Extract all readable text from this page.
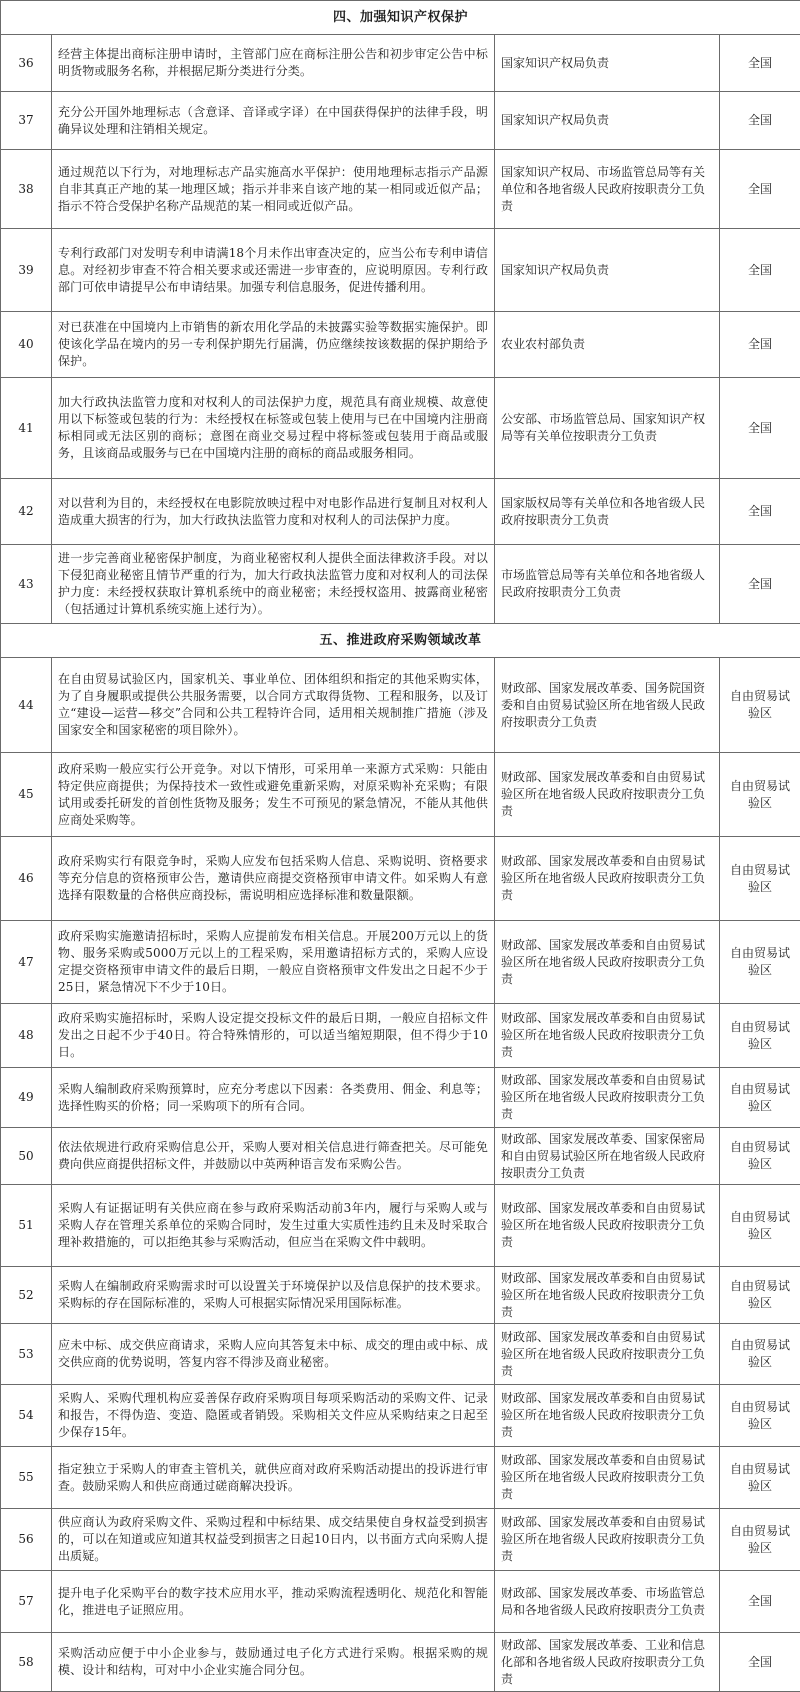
四、加强知识产权保护			
36	经营主体提出商标注册申请时，主管部门应在商标注册公告和初步审定公告中标明货物或服务名称，并根据尼斯分类进行分类。	国家知识产权局负责	全国
37	充分公开国外地理标志（含意译、音译或字译）在中国获得保护的法律手段，明确异议处理和注销相关规定。	国家知识产权局负责	全国
38	通过规范以下行为，对地理标志产品实施高水平保护：使用地理标志指示产品源自非其真正产地的某一地理区域；指示并非来自该产地的某一相同或近似产品；指示不符合受保护名称产品规范的某一相同或近似产品。	国家知识产权局、市场监管总局等有关单位和各地省级人民政府按职责分工负责	全国
39	专利行政部门对发明专利申请满18个月未作出审查决定的，应当公布专利申请信息。对经初步审查不符合相关要求或还需进一步审查的，应说明原因。专利行政部门可依申请提早公布申请结果。加强专利信息服务，促进传播利用。	国家知识产权局负责	全国
40	对已获准在中国境内上市销售的新农用化学品的未披露实验等数据实施保护。即使该化学品在境内的另一专利保护期先行届满，仍应继续按该数据的保护期给予保护。	农业农村部负责	全国
41	加大行政执法监管力度和对权利人的司法保护力度，规范具有商业规模、故意使用以下标签或包装的行为：未经授权在标签或包装上使用与已在中国境内注册商标相同或无法区别的商标；意图在商业交易过程中将标签或包装用于商品或服务，且该商品或服务与已在中国境内注册的商标的商品或服务相同。	公安部、市场监管总局、国家知识产权局等有关单位按职责分工负责	全国
42	对以营利为目的，未经授权在电影院放映过程中对电影作品进行复制且对权利人造成重大损害的行为，加大行政执法监管力度和对权利人的司法保护力度。	国家版权局等有关单位和各地省级人民政府按职责分工负责	全国
43	进一步完善商业秘密保护制度，为商业秘密权利人提供全面法律救济手段。对以下侵犯商业秘密且情节严重的行为，加大行政执法监管力度和对权利人的司法保护力度：未经授权获取计算机系统中的商业秘密；未经授权盗用、披露商业秘密（包括通过计算机系统实施上述行为）。	市场监管总局等有关单位和各地省级人民政府按职责分工负责	全国
五、推进政府采购领域改革			
44	在自由贸易试验区内，国家机关、事业单位、团体组织和指定的其他采购实体，为了自身履职或提供公共服务需要，以合同方式取得货物、工程和服务，以及订立“建设—运营—移交”合同和公共工程特许合同，适用相关规制推广措施（涉及国家安全和国家秘密的项目除外）。	财政部、国家发展改革委、国务院国资委和自由贸易试验区所在地省级人民政府按职责分工负责	自由贸易试验区
45	政府采购一般应实行公开竞争。对以下情形，可采用单一来源方式采购：只能由特定供应商提供；为保持技术一致性或避免重新采购，对原采购补充采购；有限试用或委托研发的首创性货物及服务；发生不可预见的紧急情况，不能从其他供应商处采购等。	财政部、国家发展改革委和自由贸易试验区所在地省级人民政府按职责分工负责	自由贸易试验区
46	政府采购实行有限竞争时，采购人应发布包括采购人信息、采购说明、资格要求等充分信息的资格预审公告，邀请供应商提交资格预审申请文件。如采购人有意选择有限数量的合格供应商投标，需说明相应选择标准和数量限额。	财政部、国家发展改革委和自由贸易试验区所在地省级人民政府按职责分工负责	自由贸易试验区
47	政府采购实施邀请招标时，采购人应提前发布相关信息。开展200万元以上的货物、服务采购或5000万元以上的工程采购，采用邀请招标方式的，采购人应设定提交资格预审申请文件的最后日期，一般应自资格预审文件发出之日起不少于25日，紧急情况下不少于10日。	财政部、国家发展改革委和自由贸易试验区所在地省级人民政府按职责分工负责	自由贸易试验区
48	政府采购实施招标时，采购人设定提交投标文件的最后日期，一般应自招标文件发出之日起不少于40日。符合特殊情形的，可以适当缩短期限，但不得少于10日。	财政部、国家发展改革委和自由贸易试验区所在地省级人民政府按职责分工负责	自由贸易试验区
49	采购人编制政府采购预算时，应充分考虑以下因素：各类费用、佣金、利息等；选择性购买的价格；同一采购项下的所有合同。	财政部、国家发展改革委和自由贸易试验区所在地省级人民政府按职责分工负责	自由贸易试验区
50	依法依规进行政府采购信息公开，采购人要对相关信息进行筛查把关。尽可能免费向供应商提供招标文件，并鼓励以中英两种语言发布采购公告。	财政部、国家发展改革委、国家保密局和自由贸易试验区所在地省级人民政府按职责分工负责	自由贸易试验区
51	采购人有证据证明有关供应商在参与政府采购活动前3年内，履行与采购人或与采购人存在管理关系单位的采购合同时，发生过重大实质性违约且未及时采取合理补救措施的，可以拒绝其参与采购活动，但应当在采购文件中载明。	财政部、国家发展改革委和自由贸易试验区所在地省级人民政府按职责分工负责	自由贸易试验区
52	采购人在编制政府采购需求时可以设置关于环境保护以及信息保护的技术要求。采购标的存在国际标准的，采购人可根据实际情况采用国际标准。	财政部、国家发展改革委和自由贸易试验区所在地省级人民政府按职责分工负责	自由贸易试验区
53	应未中标、成交供应商请求，采购人应向其答复未中标、成交的理由或中标、成交供应商的优势说明，答复内容不得涉及商业秘密。	财政部、国家发展改革委和自由贸易试验区所在地省级人民政府按职责分工负责	自由贸易试验区
54	采购人、采购代理机构应妥善保存政府采购项目每项采购活动的采购文件、记录和报告，不得伪造、变造、隐匿或者销毁。采购相关文件应从采购结束之日起至少保存15年。	财政部、国家发展改革委和自由贸易试验区所在地省级人民政府按职责分工负责	自由贸易试验区
55	指定独立于采购人的审查主管机关，就供应商对政府采购活动提出的投诉进行审查。鼓励采购人和供应商通过磋商解决投诉。	财政部、国家发展改革委和自由贸易试验区所在地省级人民政府按职责分工负责	自由贸易试验区
56	供应商认为政府采购文件、采购过程和中标结果、成交结果使自身权益受到损害的，可以在知道或应知道其权益受到损害之日起10日内，以书面方式向采购人提出质疑。	财政部、国家发展改革委和自由贸易试验区所在地省级人民政府按职责分工负责	自由贸易试验区
57	提升电子化采购平台的数字技术应用水平，推动采购流程透明化、规范化和智能化，推进电子证照应用。	财政部、国家发展改革委、市场监管总局和各地省级人民政府按职责分工负责	全国
58	采购活动应便于中小企业参与，鼓励通过电子化方式进行采购。根据采购的规模、设计和结构，可对中小企业实施合同分包。	财政部、国家发展改革委、工业和信息化部和各地省级人民政府按职责分工负责	全国
